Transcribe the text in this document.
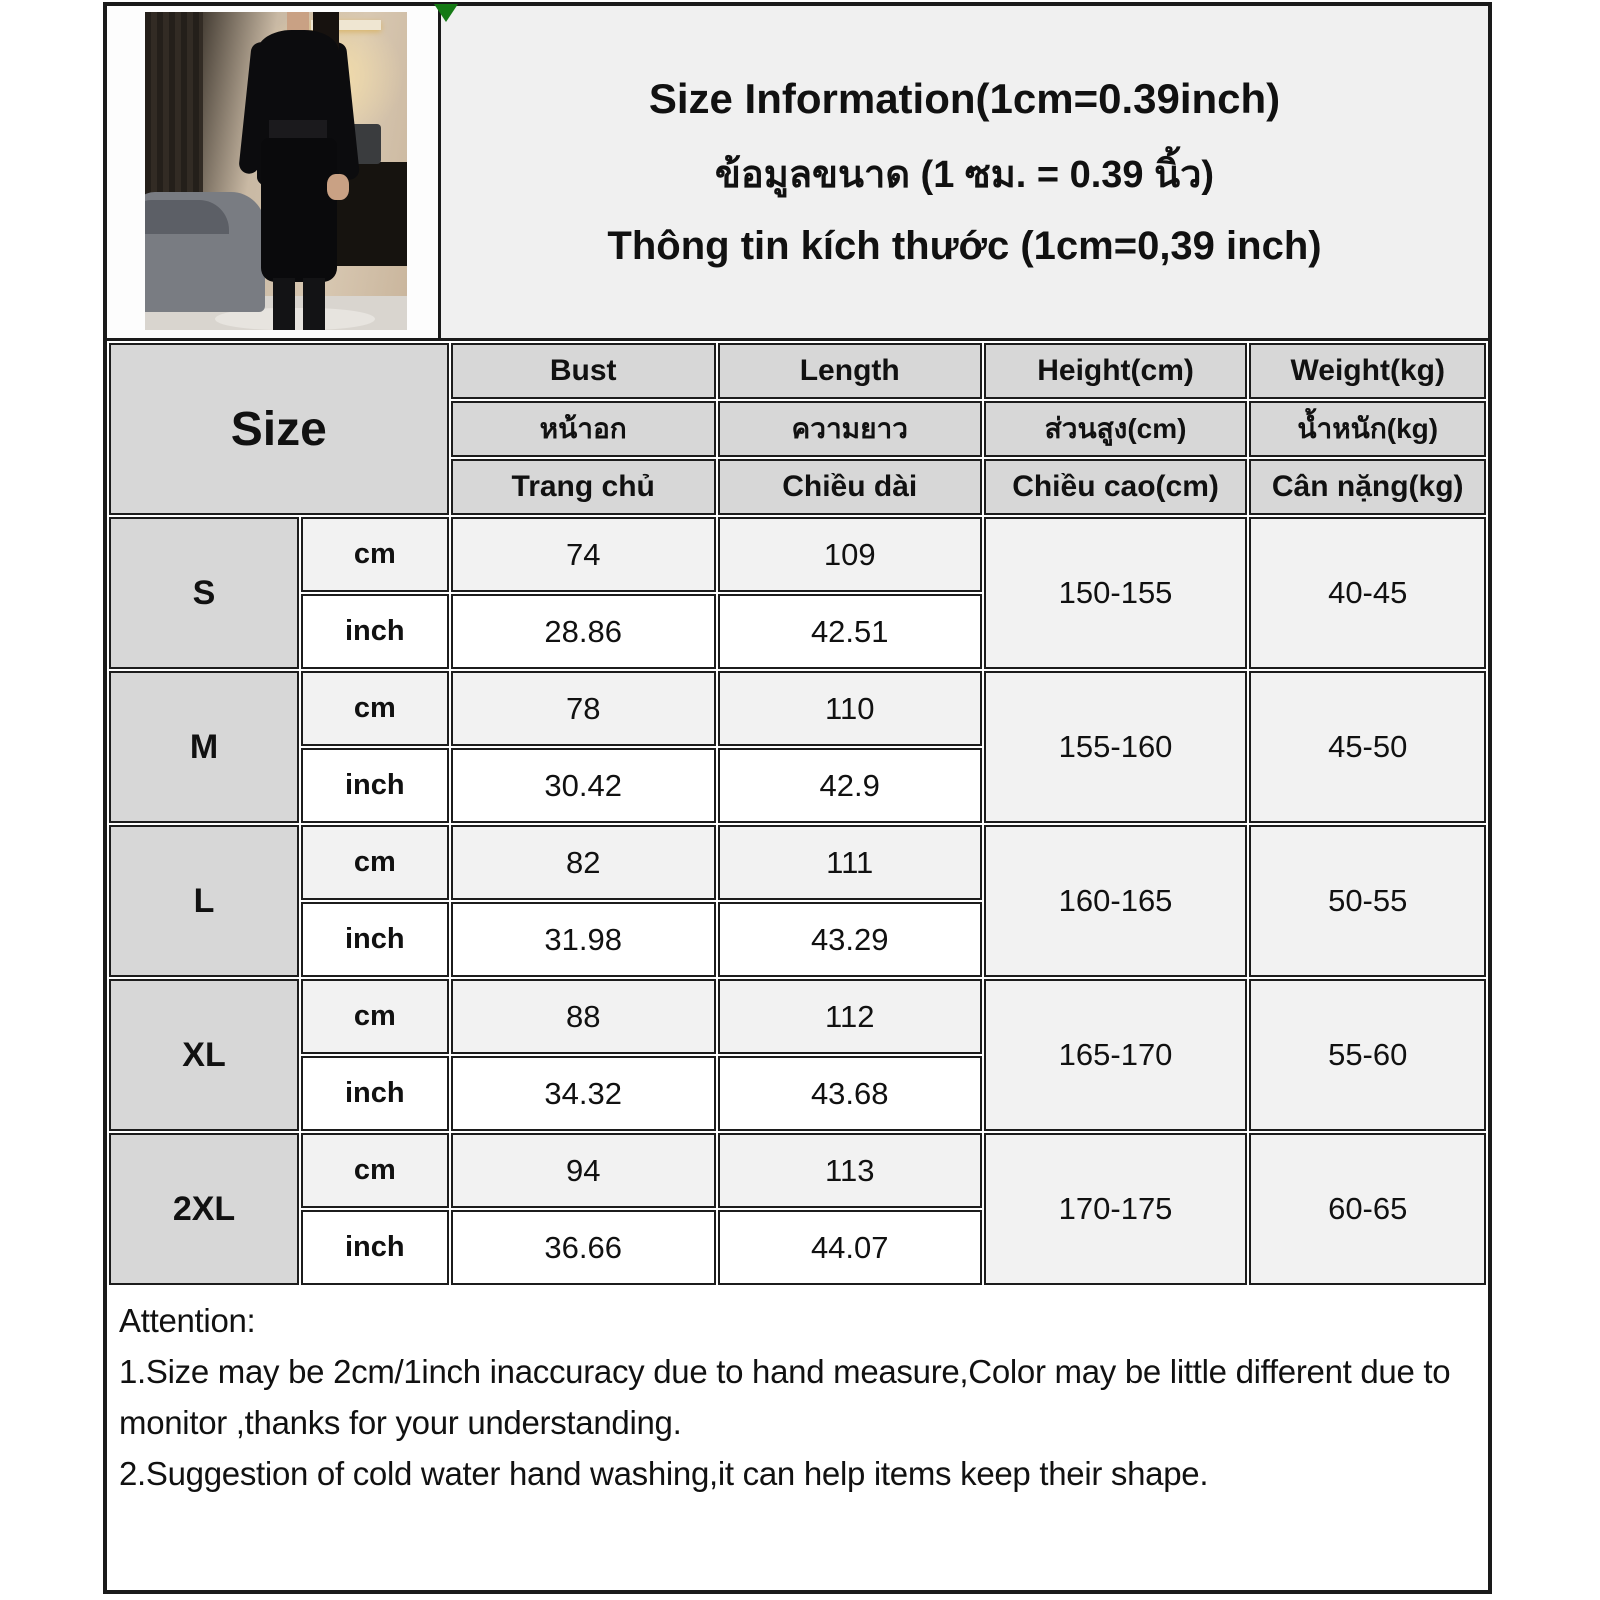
Size Information(1cm=0.39inch)
ข้อมูลขนาด (1 ซม. = 0.39 นิ้ว)
Thông tin kích thước (1cm=0,39 inch)
Size		Bust	Length	Height(cm)	Weight(kg)
		หน้าอก	ความยาว	ส่วนสูง(cm)	น้ำหนัก(kg)
		Trang chủ	Chiều dài	Chiều cao(cm)	Cân nặng(kg)
S	cm	74	109	150-155	40-45
	inch	28.86	42.51		
M	cm	78	110	155-160	45-50
	inch	30.42	42.9		
L	cm	82	111	160-165	50-55
	inch	31.98	43.29		
XL	cm	88	112	165-170	55-60
	inch	34.32	43.68		
2XL	cm	94	113	170-175	60-65
	inch	36.66	44.07		

Attention:

1.Size may be 2cm/1inch inaccuracy due to hand measure,Color may be little different due to monitor ,thanks for your understanding.

2.Suggestion of cold water hand washing,it can help items keep their shape.
